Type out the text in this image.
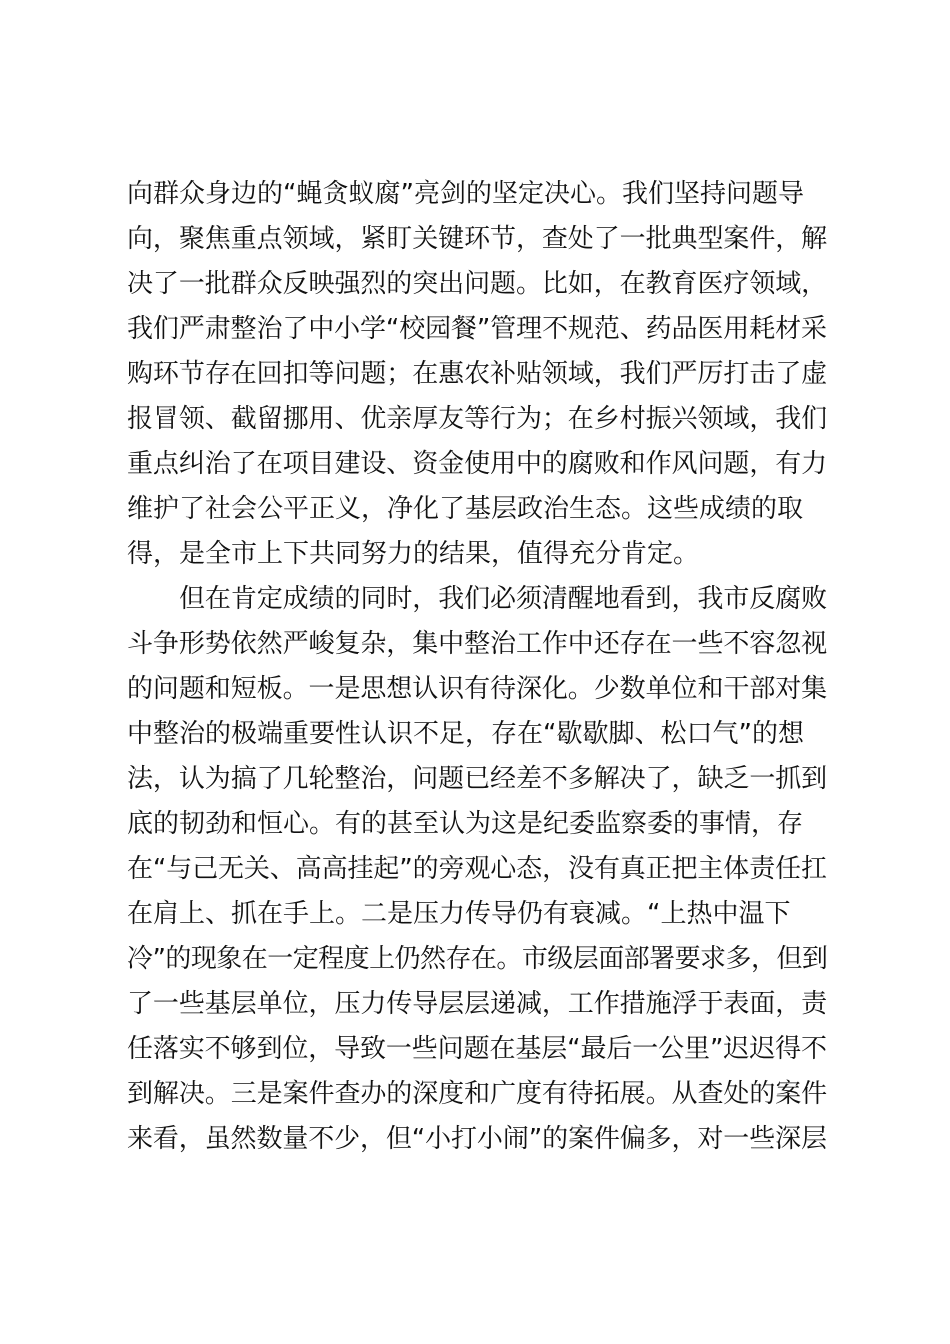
向群众身边的“蝇贪蚁腐”亮剑的坚定决心。我们坚持问题导
向，聚焦重点领域，紧盯关键环节，查处了一批典型案件，解
决了一批群众反映强烈的突出问题。比如，在教育医疗领域，
我们严肃整治了中小学“校园餐”管理不规范、药品医用耗材采
购环节存在回扣等问题；在惠农补贴领域，我们严厉打击了虚
报冒领、截留挪用、优亲厚友等行为；在乡村振兴领域，我们
重点纠治了在项目建设、资金使用中的腐败和作风问题，有力
维护了社会公平正义，净化了基层政治生态。这些成绩的取
得，是全市上下共同努力的结果，值得充分肯定。
但在肯定成绩的同时，我们必须清醒地看到，我市反腐败
斗争形势依然严峻复杂，集中整治工作中还存在一些不容忽视
的问题和短板。一是思想认识有待深化。少数单位和干部对集
中整治的极端重要性认识不足，存在“歇歇脚、松口气”的想
法，认为搞了几轮整治，问题已经差不多解决了，缺乏一抓到
底的韧劲和恒心。有的甚至认为这是纪委监察委的事情，存
在“与己无关、高高挂起”的旁观心态，没有真正把主体责任扛
在肩上、抓在手上。二是压力传导仍有衰减。“上热中温下
冷”的现象在一定程度上仍然存在。市级层面部署要求多，但到
了一些基层单位，压力传导层层递减，工作措施浮于表面，责
任落实不够到位，导致一些问题在基层“最后一公里”迟迟得不
到解决。三是案件查办的深度和广度有待拓展。从查处的案件
来看，虽然数量不少，但“小打小闹”的案件偏多，对一些深层
